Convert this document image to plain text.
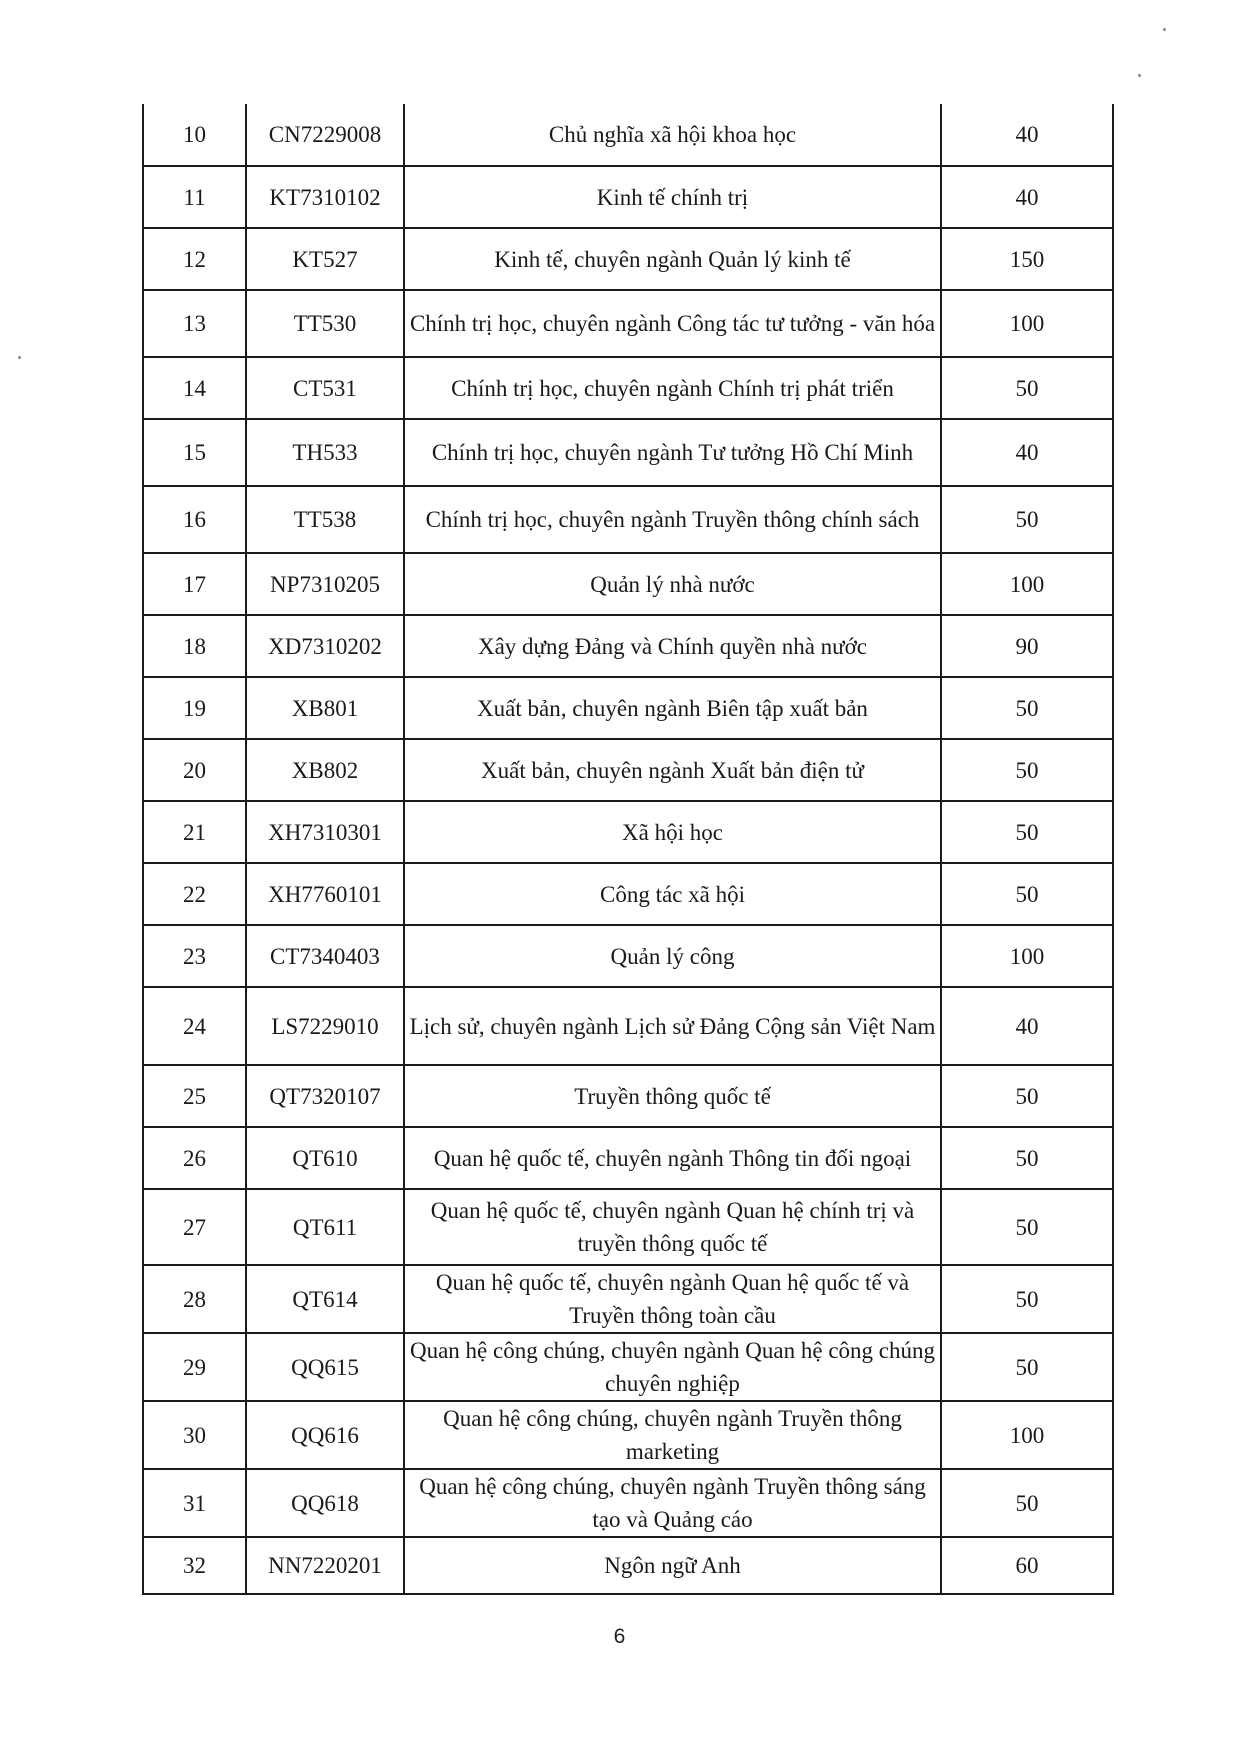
10	CN7229008	Chủ nghĩa xã hội khoa học	40
11	KT7310102	Kinh tế chính trị	40
12	KT527	Kinh tế, chuyên ngành Quản lý kinh tế	150
13	TT530	Chính trị học, chuyên ngành Công tác tư tưởng - văn hóa	100
14	CT531	Chính trị học, chuyên ngành Chính trị phát triển	50
15	TH533	Chính trị học, chuyên ngành Tư tưởng Hồ Chí Minh	40
16	TT538	Chính trị học, chuyên ngành Truyền thông chính sách	50
17	NP7310205	Quản lý nhà nước	100
18	XD7310202	Xây dựng Đảng và Chính quyền nhà nước	90
19	XB801	Xuất bản, chuyên ngành Biên tập xuất bản	50
20	XB802	Xuất bản, chuyên ngành Xuất bản điện tử	50
21	XH7310301	Xã hội học	50
22	XH7760101	Công tác xã hội	50
23	CT7340403	Quản lý công	100
24	LS7229010	Lịch sử, chuyên ngành Lịch sử Đảng Cộng sản Việt Nam	40
25	QT7320107	Truyền thông quốc tế	50
26	QT610	Quan hệ quốc tế, chuyên ngành Thông tin đối ngoại	50
27	QT611	Quan hệ quốc tế, chuyên ngành Quan hệ chính trị và truyền thông quốc tế	50
28	QT614	Quan hệ quốc tế, chuyên ngành Quan hệ quốc tế và Truyền thông toàn cầu	50
29	QQ615	Quan hệ công chúng, chuyên ngành Quan hệ công chúng chuyên nghiệp	50
30	QQ616	Quan hệ công chúng, chuyên ngành Truyền thông marketing	100
31	QQ618	Quan hệ công chúng, chuyên ngành Truyền thông sáng tạo và Quảng cáo	50
32	NN7220201	Ngôn ngữ Anh	60
6
